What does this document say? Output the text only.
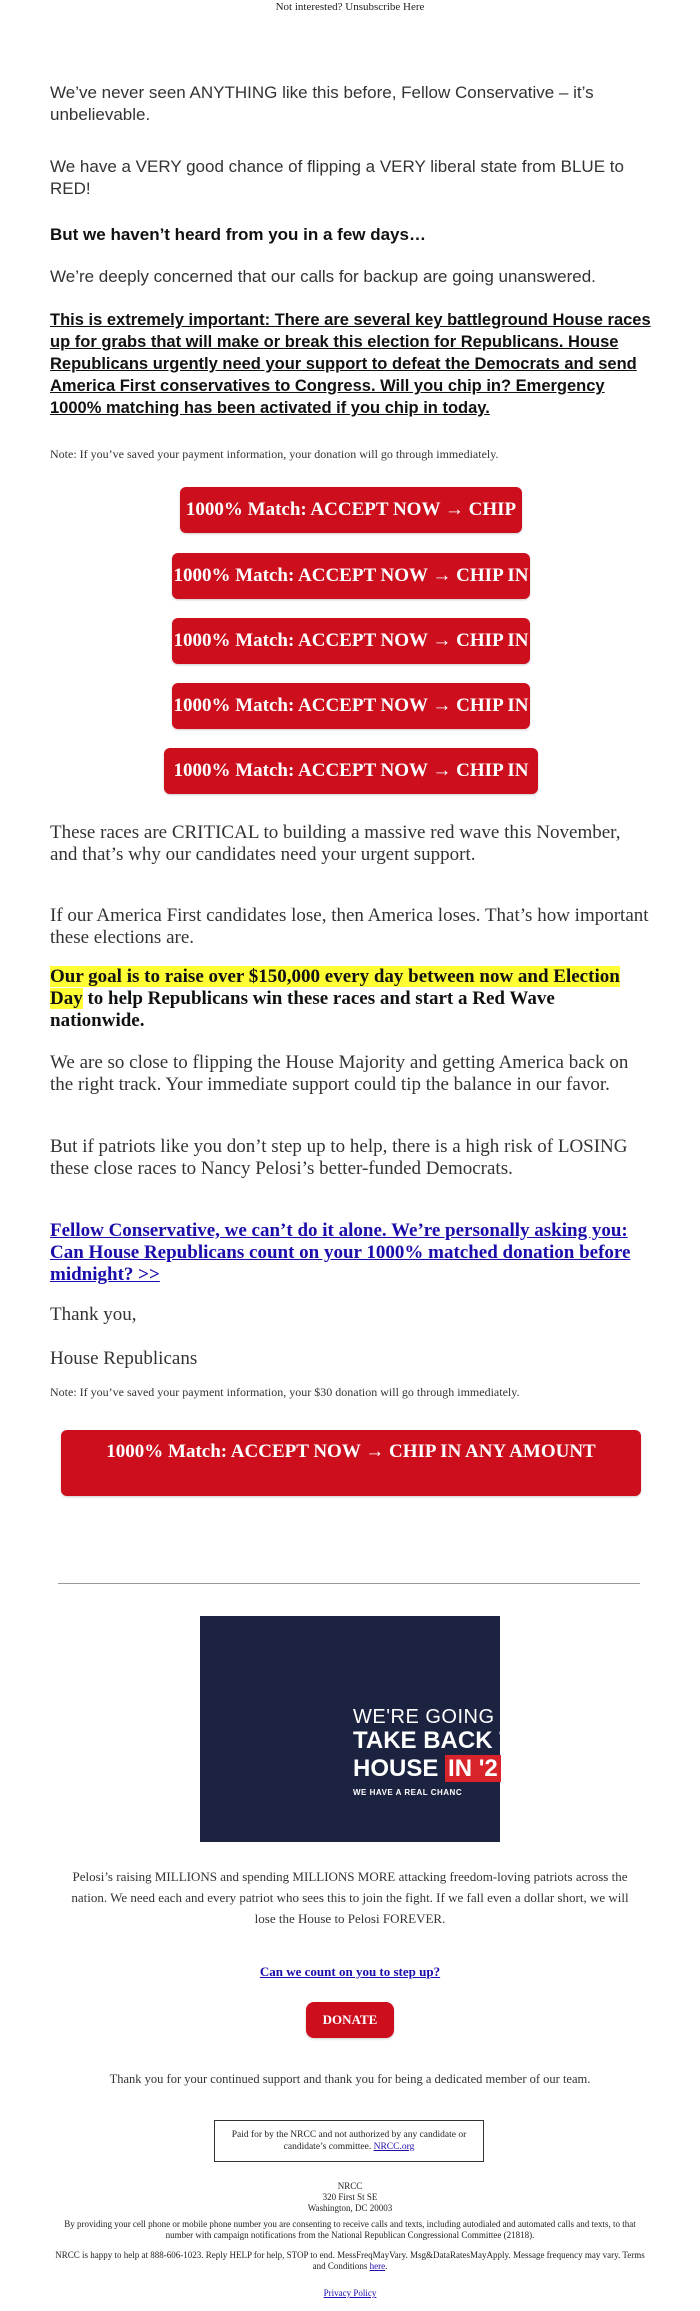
Not interested? Unsubscribe Here

We’ve never seen ANYTHING like this before, Fellow Conservative – it’s unbelievable.

We have a VERY good chance of flipping a VERY liberal state from BLUE to RED!

But we haven’t heard from you in a few days…

We’re deeply concerned that our calls for backup are going unanswered.

This is extremely important: There are several key battleground House races up for grabs that will make or break this election for Republicans. House Republicans urgently need your support to defeat the Democrats and send America First conservatives to Congress. Will you chip in? Emergency 1000% matching has been activated if you chip in today.

Note: If you’ve saved your payment information, your donation will go through immediately.

1000% Match: ACCEPT NOW → CHIP
1000% Match: ACCEPT NOW → CHIP IN
1000% Match: ACCEPT NOW → CHIP IN
1000% Match: ACCEPT NOW → CHIP IN
1000% Match: ACCEPT NOW → CHIP IN $100

These races are CRITICAL to building a massive red wave this November, and that’s why our candidates need your urgent support.

If our America First candidates lose, then America loses. That’s how important these elections are.

Our goal is to raise over $150,000 every day between now and Election Day to help Republicans win these races and start a Red Wave nationwide.

We are so close to flipping the House Majority and getting America back on the right track. Your immediate support could tip the balance in our favor.

But if patriots like you don’t step up to help, there is a high risk of LOSING these close races to Nancy Pelosi’s better-funded Democrats.

Fellow Conservative, we can’t do it alone. We’re personally asking you: Can House Republicans count on your 1000% matched donation before midnight? >>

Thank you,

House Republicans

Note: If you’ve saved your payment information, your $30 donation will go through immediately.

1000% Match: ACCEPT NOW → CHIP IN ANY AMOUNT
WE'RE GOING T
TAKE BACK TH
HOUSE IN '2
WE HAVE A REAL CHANC

Pelosi’s raising MILLIONS and spending MILLIONS MORE attacking freedom-loving patriots across the nation. We need each and every patriot who sees this to join the fight. If we fall even a dollar short, we will lose the House to Pelosi FOREVER.

Can we count on you to step up?
DONATE

Thank you for your continued support and thank you for being a dedicated member of our team.

Paid for by the NRCC and not authorized by any candidate or candidate’s committee. NRCC.org
NRCC
320 First St SE
Washington, DC 20003

By providing your cell phone or mobile phone number you are consenting to receive calls and texts, including autodialed and automated calls and texts, to that number with campaign notifications from the National Republican Congressional Committee (21818).

NRCC is happy to help at 888-606-1023. Reply HELP for help, STOP to end. MessFreqMayVary. Msg&DataRatesMayApply. Message frequency may vary. Terms and Conditions here.

Privacy Policy
